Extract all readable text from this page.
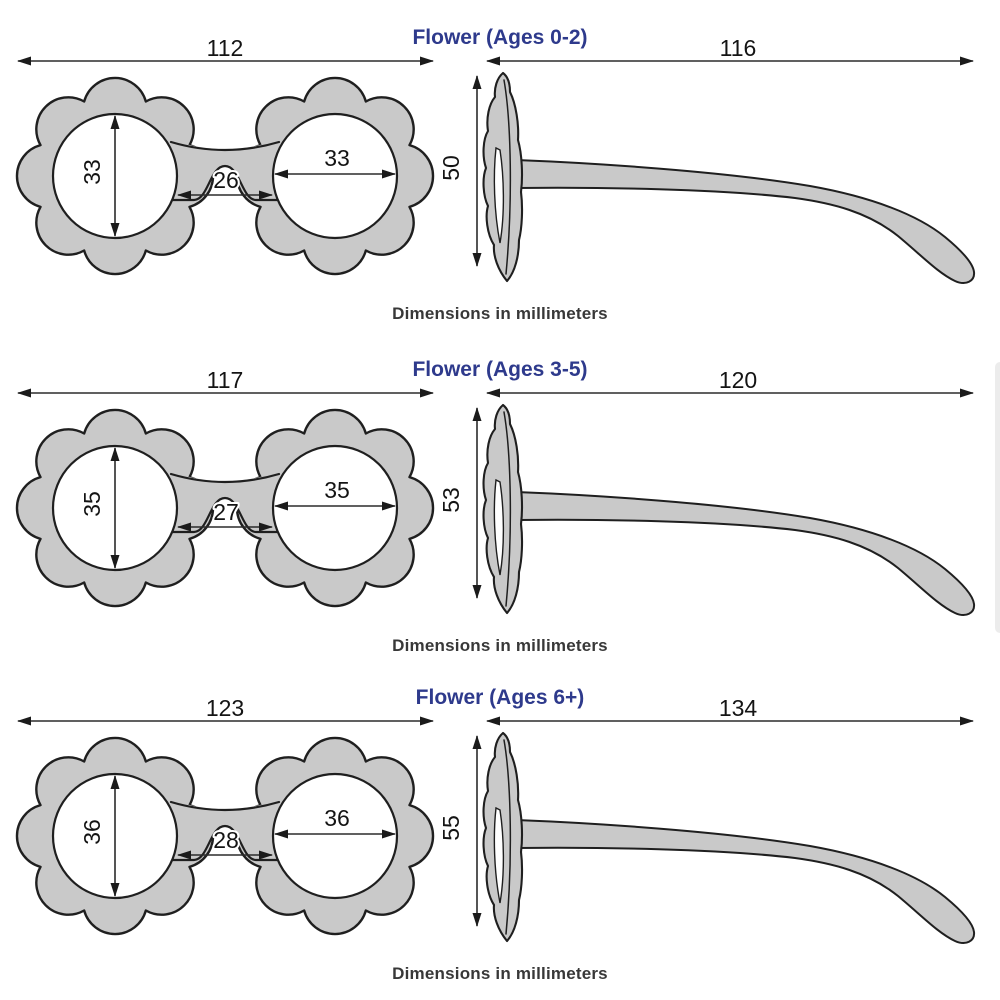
Flower (Ages 0-2)
112
33
33
26
116
50
Dimensions in millimeters
Flower (Ages 3-5)
117
35
35
27
120
53
Dimensions in millimeters
Flower (Ages 6+)
123
36
36
28
134
55
Dimensions in millimeters
